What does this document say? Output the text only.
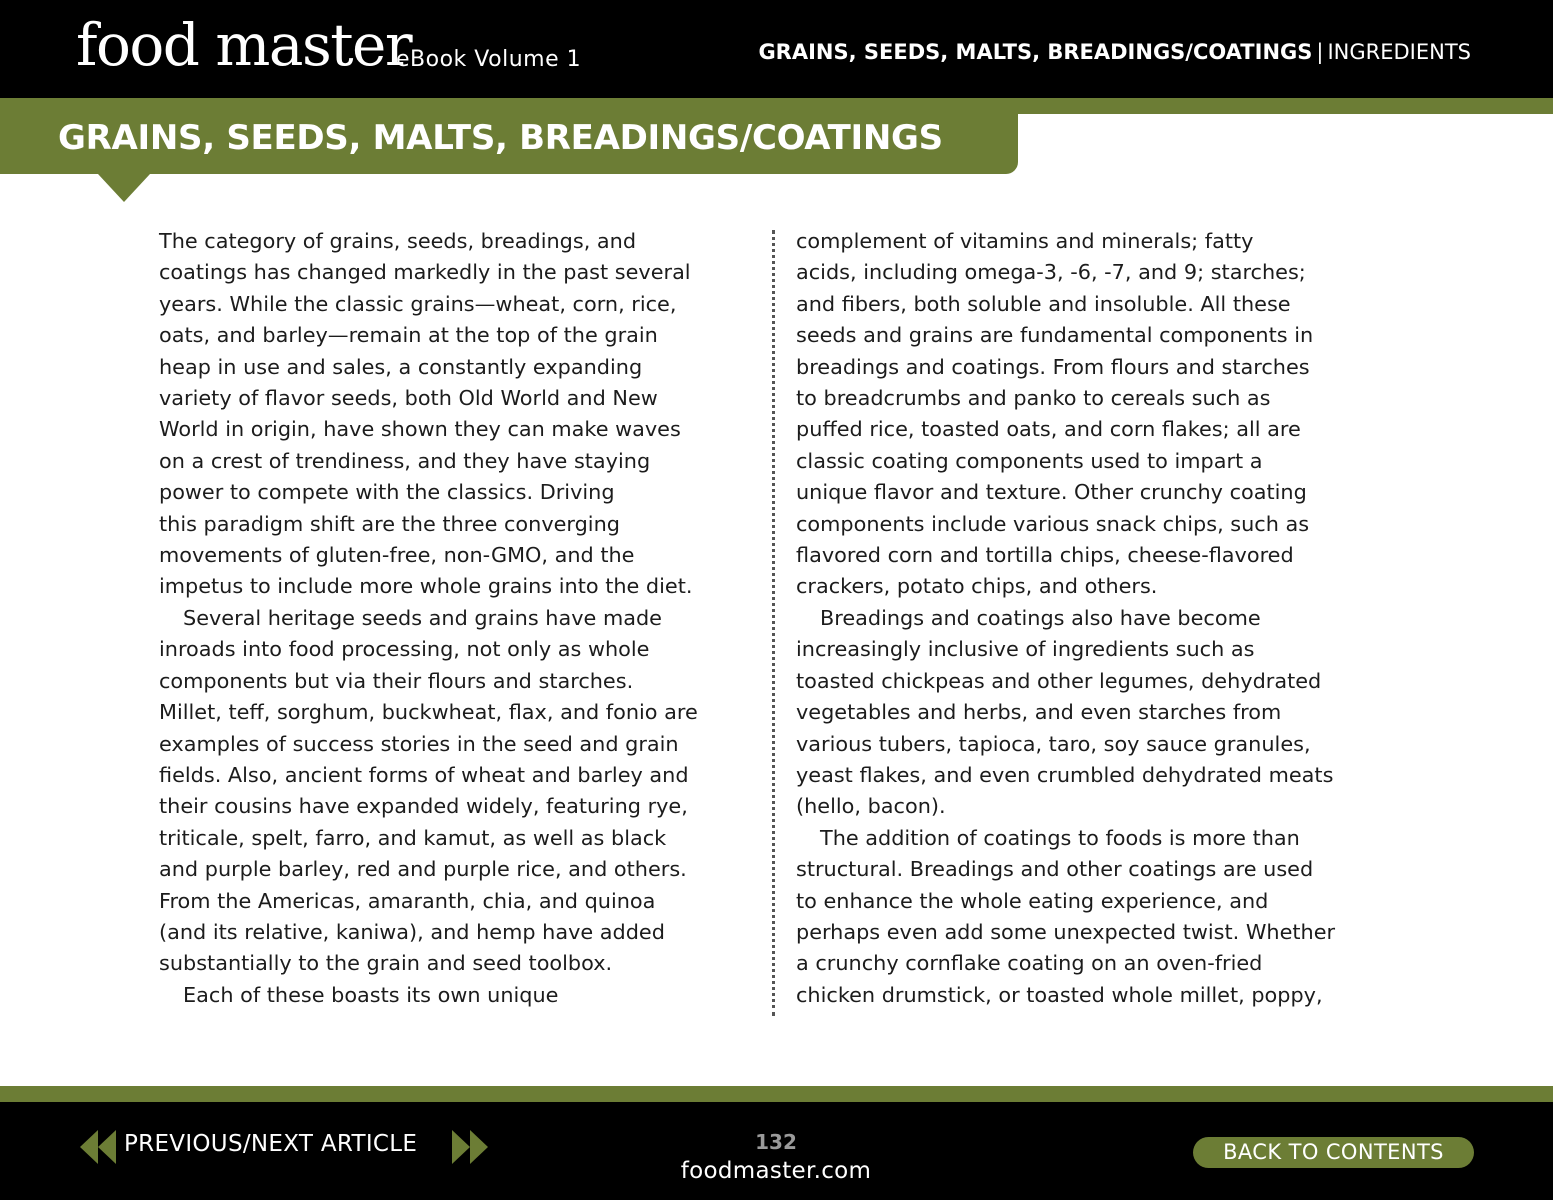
food master
eBook Volume 1	GRAINS, SEEDS, MALTS, BREADINGS/COATINGS | INGREDIENTS
GRAINS, SEEDS, MALTS, BREADINGS/COATINGS
The category of grains, seeds, breadings, and
coatings has changed markedly in the past several
years. While the classic grains—wheat, corn, rice,
oats, and barley—remain at the top of the grain
heap in use and sales, a constantly expanding
variety of flavor seeds, both Old World and New
World in origin, have shown they can make waves
on a crest of trendiness, and they have staying
power to compete with the classics. Driving
this paradigm shift are the three converging
movements of gluten-free, non-GMO, and the
impetus to include more whole grains into the diet.
Several heritage seeds and grains have made
inroads into food processing, not only as whole
components but via their flours and starches.
Millet, teff, sorghum, buckwheat, flax, and fonio are
examples of success stories in the seed and grain
fields. Also, ancient forms of wheat and barley and
their cousins have expanded widely, featuring rye,
triticale, spelt, farro, and kamut, as well as black
and purple barley, red and purple rice, and others.
From the Americas, amaranth, chia, and quinoa
(and its relative, kaniwa), and hemp have added
substantially to the grain and seed toolbox.
Each of these boasts its own unique
complement of vitamins and minerals; fatty
acids, including omega-3, -6, -7, and 9; starches;
and fibers, both soluble and insoluble. All these
seeds and grains are fundamental components in
breadings and coatings. From flours and starches
to breadcrumbs and panko to cereals such as
puffed rice, toasted oats, and corn flakes; all are
classic coating components used to impart a
unique flavor and texture. Other crunchy coating
components include various snack chips, such as
flavored corn and tortilla chips, cheese-flavored
crackers, potato chips, and others.
Breadings and coatings also have become
increasingly inclusive of ingredients such as
toasted chickpeas and other legumes, dehydrated
vegetables and herbs, and even starches from
various tubers, tapioca, taro, soy sauce granules,
yeast flakes, and even crumbled dehydrated meats
(hello, bacon).
The addition of coatings to foods is more than
structural. Breadings and other coatings are used
to enhance the whole eating experience, and
perhaps even add some unexpected twist. Whether
a crunchy cornflake coating on an oven-fried
chicken drumstick, or toasted whole millet, poppy,
PREVIOUS/NEXT ARTICLE	132
foodmaster.com
BACK TO CONTENTS
